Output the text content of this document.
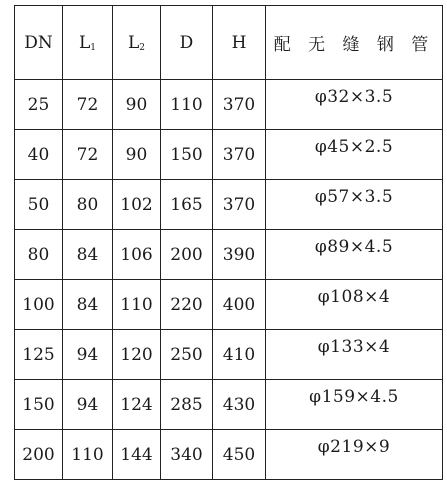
DN	$L_1$	$L_2$	D	H	配 无 缝 钢 管
25	72	90	110	370	φ32×3.5
40	72	90	150	370	φ45×2.5
50	80	102	165	370	φ57×3.5
80	84	106	200	390	φ89×4.5
100	84	110	220	400	φ108×4
125	94	120	250	410	φ133×4
150	94	124	285	430	φ159×4.5
200	110	144	340	450	φ219×9
